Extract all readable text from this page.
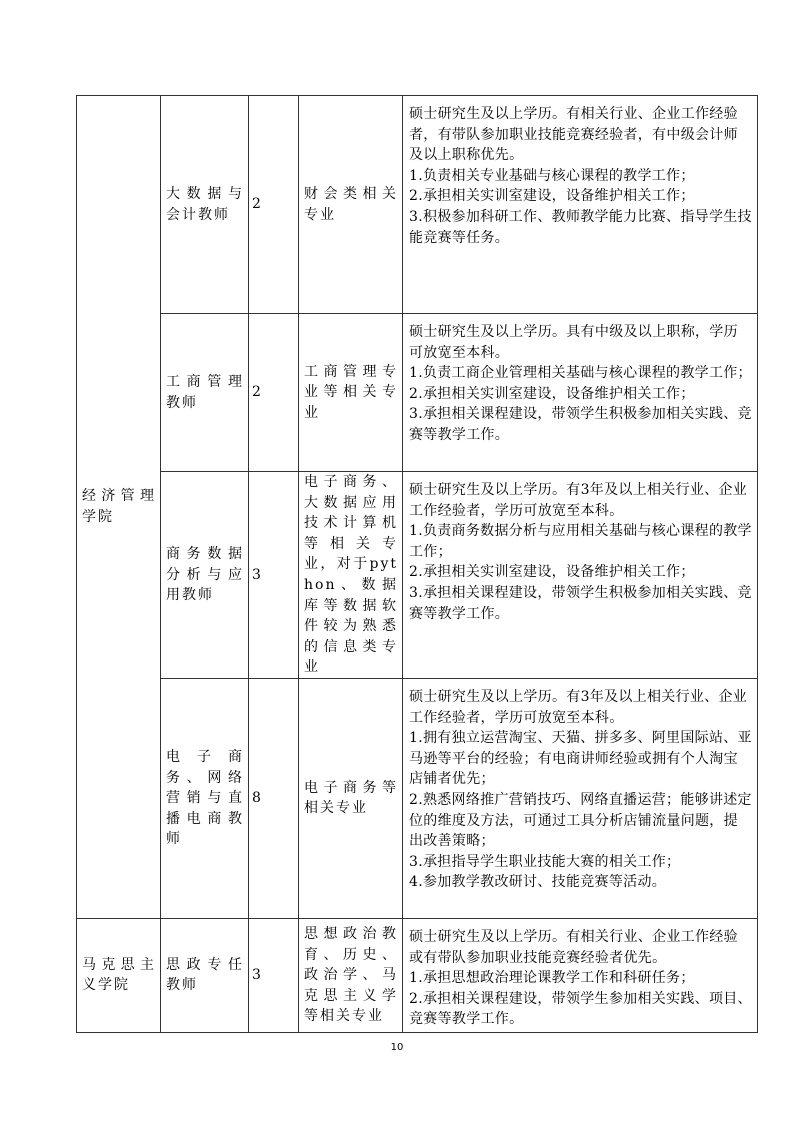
经济管理学院	大数据与会计教师	2	财会类相关专业	硕士研究生及以上学历。有相关行业、企业工作经验者，有带队参加职业技能竞赛经验者，有中级会计师及以上职称优先。
1.负责相关专业基础与核心课程的教学工作；
2.承担相关实训室建设，设备维护相关工作；
3.积极参加科研工作、教师教学能力比赛、指导学生技能竞赛等任务。

	工商管理教师	2	工商管理专业等相关专业	硕士研究生及以上学历。具有中级及以上职称，学历可放宽至本科。
1.负责工商企业管理相关基础与核心课程的教学工作；
2.承担相关实训室建设，设备维护相关工作；
3.承担相关课程建设，带领学生积极参加相关实践、竞赛等教学工作。

	商务数据分析与应用教师	3	电子商务、大数据应用技术计算机等相关专业，对于python、数据库等数据软件较为熟悉的信息类专业	硕士研究生及以上学历。有3年及以上相关行业、企业工作经验者，学历可放宽至本科。
1.负责商务数据分析与应用相关基础与核心课程的教学工作；
2.承担相关实训室建设，设备维护相关工作；
3.承担相关课程建设，带领学生积极参加相关实践、竞赛等教学工作。

	电子商务、网络营销与直播电商教师	8	电子商务等相关专业	硕士研究生及以上学历。有3年及以上相关行业、企业工作经验者，学历可放宽至本科。
1.拥有独立运营淘宝、天猫、拼多多、阿里国际站、亚马逊等平台的经验；有电商讲师经验或拥有个人淘宝店铺者优先；
2.熟悉网络推广营销技巧、网络直播运营；能够讲述定位的维度及方法，可通过工具分析店铺流量问题，提出改善策略；
3.承担指导学生职业技能大赛的相关工作；
4.参加教学教改研讨、技能竞赛等活动。

马克思主义学院	思政专任教师	3	思想政治教育、历史、政治学、马克思主义学等相关专业	硕士研究生及以上学历。有相关行业、企业工作经验或有带队参加职业技能竞赛经验者优先。
1.承担思想政治理论课教学工作和科研任务；
2.承担相关课程建设，带领学生参加相关实践、项目、竞赛等教学工作。
10
